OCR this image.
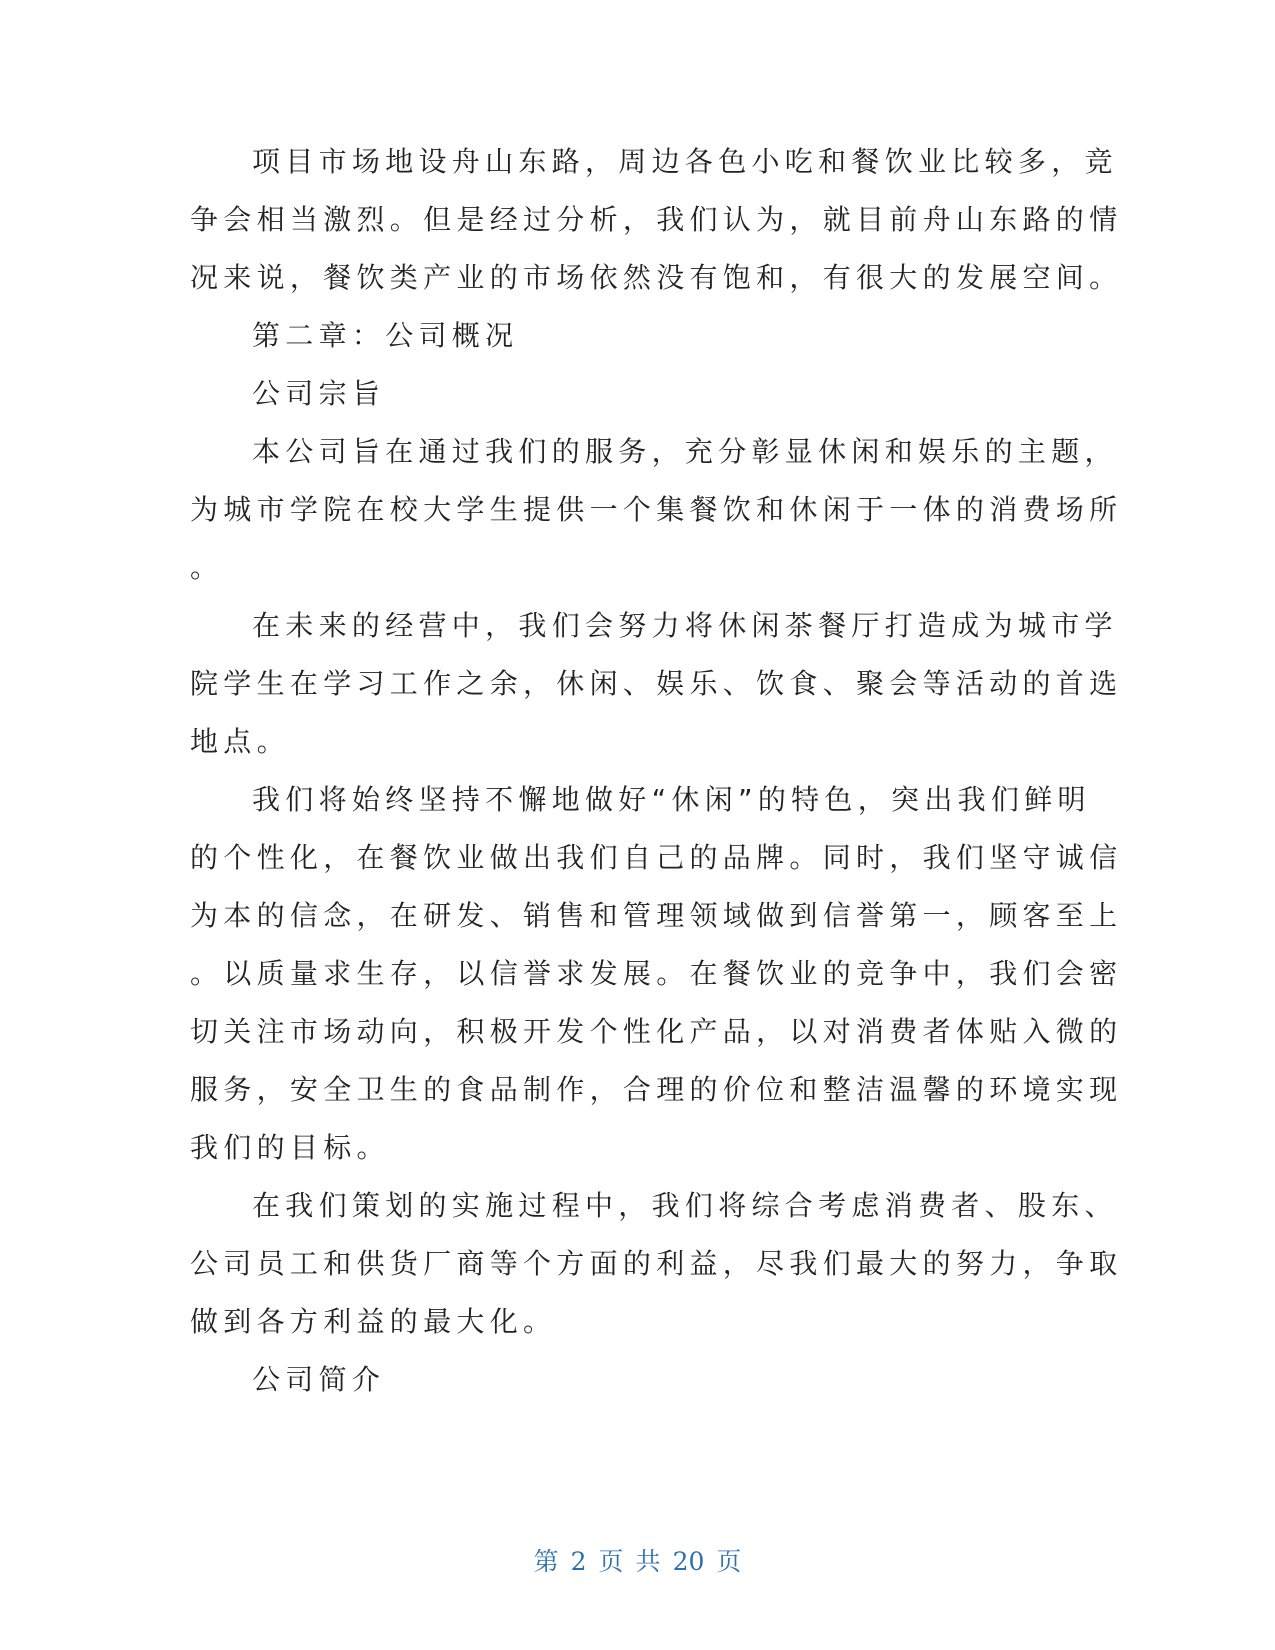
项目市场地设舟山东路，周边各色小吃和餐饮业比较多，竞
争会相当激烈。但是经过分析，我们认为，就目前舟山东路的情
况来说，餐饮类产业的市场依然没有饱和，有很大的发展空间。
第二章：公司概况
公司宗旨
本公司旨在通过我们的服务，充分彰显休闲和娱乐的主题，
为城市学院在校大学生提供一个集餐饮和休闲于一体的消费场所
。
在未来的经营中，我们会努力将休闲茶餐厅打造成为城市学
院学生在学习工作之余，休闲、娱乐、饮食、聚会等活动的首选
地点。
我们将始终坚持不懈地做好“休闲”的特色，突出我们鲜明
的个性化，在餐饮业做出我们自己的品牌。同时，我们坚守诚信
为本的信念，在研发、销售和管理领域做到信誉第一，顾客至上
。以质量求生存，以信誉求发展。在餐饮业的竞争中，我们会密
切关注市场动向，积极开发个性化产品，以对消费者体贴入微的
服务，安全卫生的食品制作，合理的价位和整洁温馨的环境实现
我们的目标。
在我们策划的实施过程中，我们将综合考虑消费者、股东、
公司员工和供货厂商等个方面的利益，尽我们最大的努力，争取
做到各方利益的最大化。
公司简介
第 2 页 共 20 页
